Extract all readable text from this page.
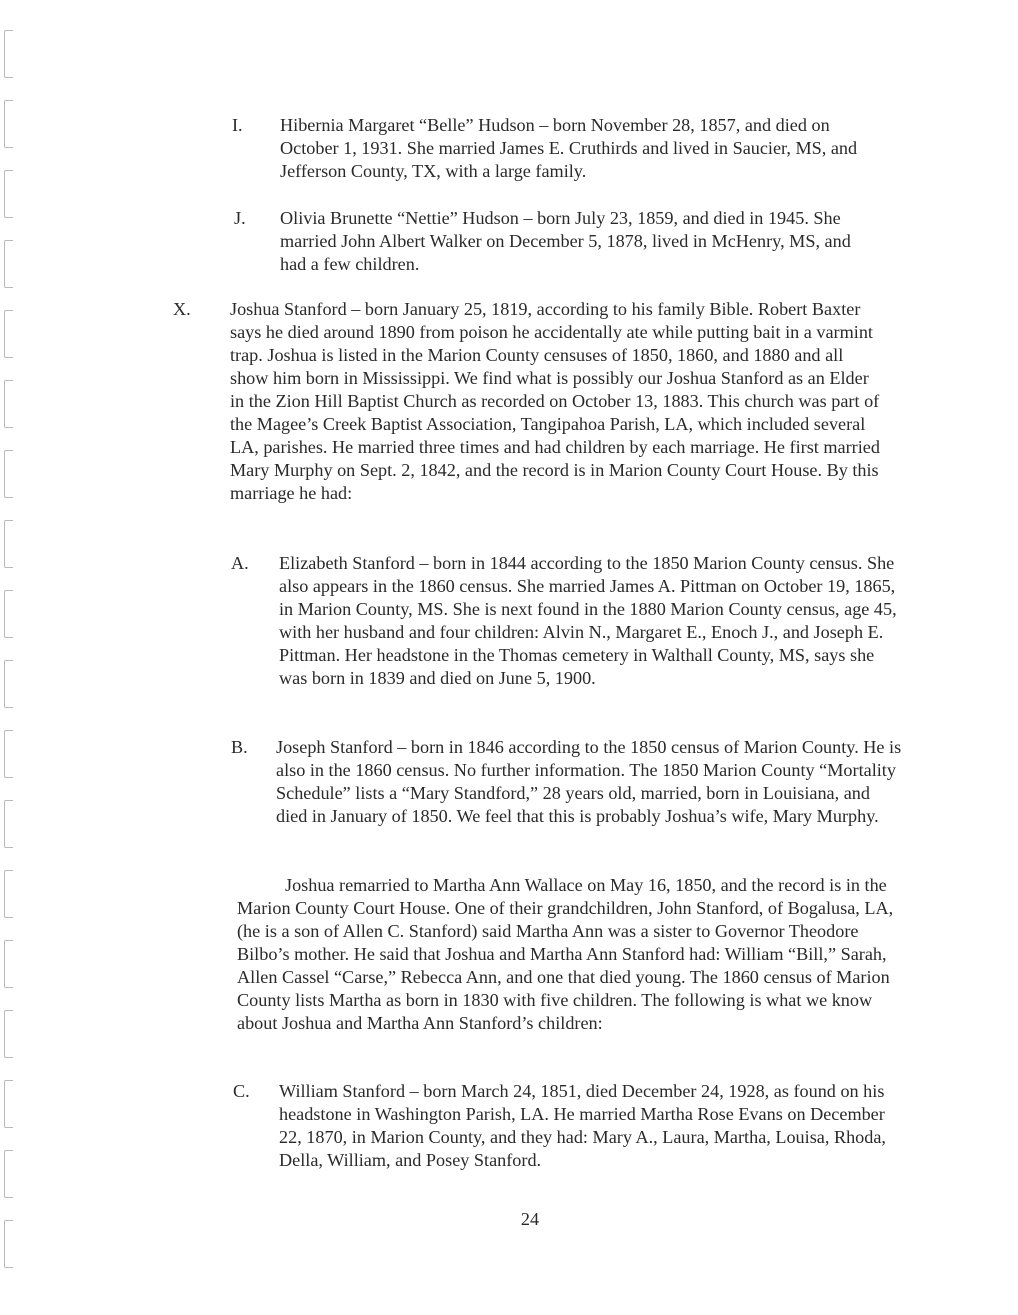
I. Hibernia Margaret “Belle” Hudson – born November 28, 1857, and died on October 1, 1931. She married James E. Cruthirds and lived in Saucier, MS, and Jefferson County, TX, with a large family.
J. Olivia Brunette “Nettie” Hudson – born July 23, 1859, and died in 1945. She married John Albert Walker on December 5, 1878, lived in McHenry, MS, and had a few children.
X. Joshua Stanford – born January 25, 1819, according to his family Bible. Robert Baxter says he died around 1890 from poison he accidentally ate while putting bait in a varmint trap. Joshua is listed in the Marion County censuses of 1850, 1860, and 1880 and all show him born in Mississippi. We find what is possibly our Joshua Stanford as an Elder in the Zion Hill Baptist Church as recorded on October 13, 1883. This church was part of the Magee’s Creek Baptist Association, Tangipahoa Parish, LA, which included several LA, parishes. He married three times and had children by each marriage. He first married Mary Murphy on Sept. 2, 1842, and the record is in Marion County Court House. By this marriage he had:
A. Elizabeth Stanford – born in 1844 according to the 1850 Marion County census. She also appears in the 1860 census. She married James A. Pittman on October 19, 1865, in Marion County, MS. She is next found in the 1880 Marion County census, age 45, with her husband and four children: Alvin N., Margaret E., Enoch J., and Joseph E. Pittman. Her headstone in the Thomas cemetery in Walthall County, MS, says she was born in 1839 and died on June 5, 1900.
B. Joseph Stanford – born in 1846 according to the 1850 census of Marion County. He is also in the 1860 census. No further information. The 1850 Marion County “Mortality Schedule” lists a “Mary Standford,” 28 years old, married, born in Louisiana, and died in January of 1850. We feel that this is probably Joshua’s wife, Mary Murphy.
Joshua remarried to Martha Ann Wallace on May 16, 1850, and the record is in the Marion County Court House. One of their grandchildren, John Stanford, of Bogalusa, LA, (he is a son of Allen C. Stanford) said Martha Ann was a sister to Governor Theodore Bilbo’s mother. He said that Joshua and Martha Ann Stanford had: William “Bill,” Sarah, Allen Cassel “Carse,” Rebecca Ann, and one that died young. The 1860 census of Marion County lists Martha as born in 1830 with five children. The following is what we know about Joshua and Martha Ann Stanford’s children:
C. William Stanford – born March 24, 1851, died December 24, 1928, as found on his headstone in Washington Parish, LA. He married Martha Rose Evans on December 22, 1870, in Marion County, and they had: Mary A., Laura, Martha, Louisa, Rhoda, Della, William, and Posey Stanford.
24
